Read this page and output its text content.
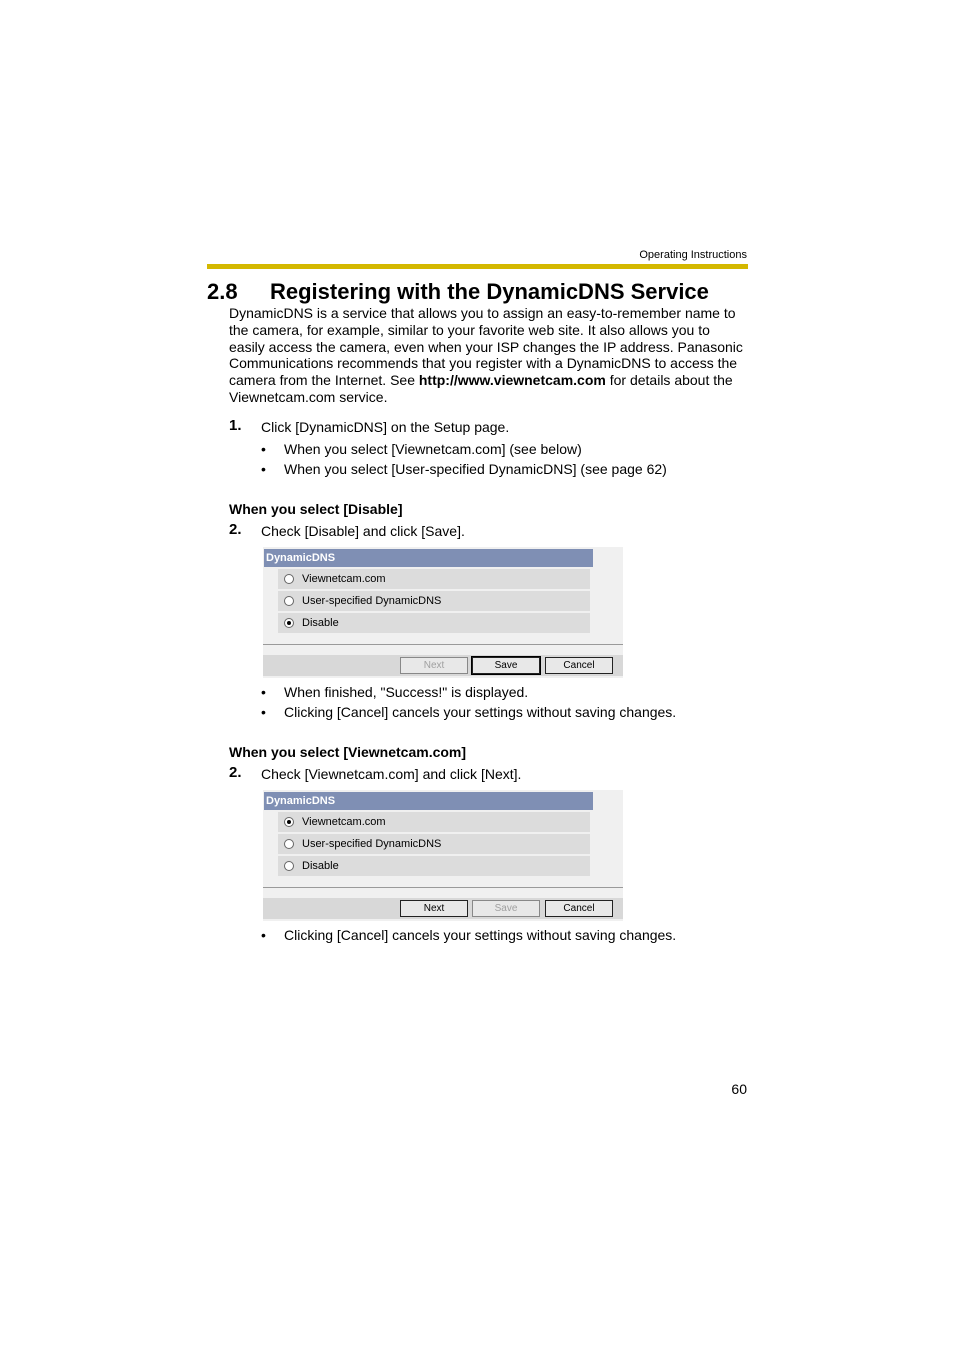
Operating Instructions
2.8 Registering with the DynamicDNS Service

DynamicDNS is a service that allows you to assign an easy-to-remember name to the camera, for example, similar to your favorite web site. It also allows you to easily access the camera, even when your ISP changes the IP address. Panasonic Communications recommends that you register with a DynamicDNS to access the camera from the Internet. See http://www.viewnetcam.com for details about the Viewnetcam.com service.

1. Click [DynamicDNS] on the Setup page.
• When you select [Viewnetcam.com] (see below)
• When you select [User-specified DynamicDNS] (see page 62)
When you select [Disable]
2. Check [Disable] and click [Save].
DynamicDNS
Viewnetcam.com
User-specified DynamicDNS
Disable
Next	Save	Cancel
• When finished, "Success!" is displayed.
• Clicking [Cancel] cancels your settings without saving changes.
When you select [Viewnetcam.com]
2. Check [Viewnetcam.com] and click [Next].
DynamicDNS
Viewnetcam.com
User-specified DynamicDNS
Disable
Next	Save	Cancel
• Clicking [Cancel] cancels your settings without saving changes.
60
